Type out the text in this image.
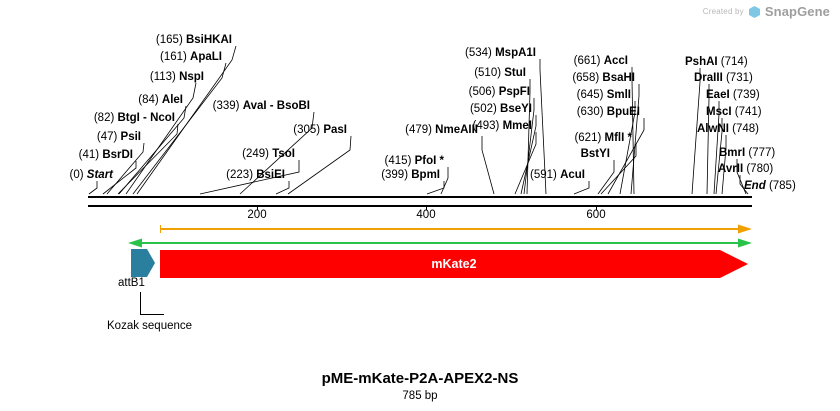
Created by SnapGene
(165) BsiHKAI
(161) ApaLI
(113) NspI
(84) AleI
(82) BtgI - NcoI
(47) PsiI
(41) BsrDI
(0) Start
(339) AvaI - BsoBI
(305) PasI
(249) TsoI
(223) BsiEI
(479) NmeAIII
(415) PfoI *
(399) BpmI
(534) MspA1I
(510) StuI
(506) PspFI
(502) BseYI
(493) MmeI
(661) AccI
(658) BsaHI
(645) SmlI
(630) BpuEI
(621) MflI *
BstYI
(591) AcuI
PshAI (714)
DraIII (731)
EaeI (739)
MscI (741)
AlwNI (748)
BmrI (777)
AvrII (780)
End (785)
200	400	600
attB1
Kozak sequence
mKate2
pME-mKate-P2A-APEX2-NS
785 bp
